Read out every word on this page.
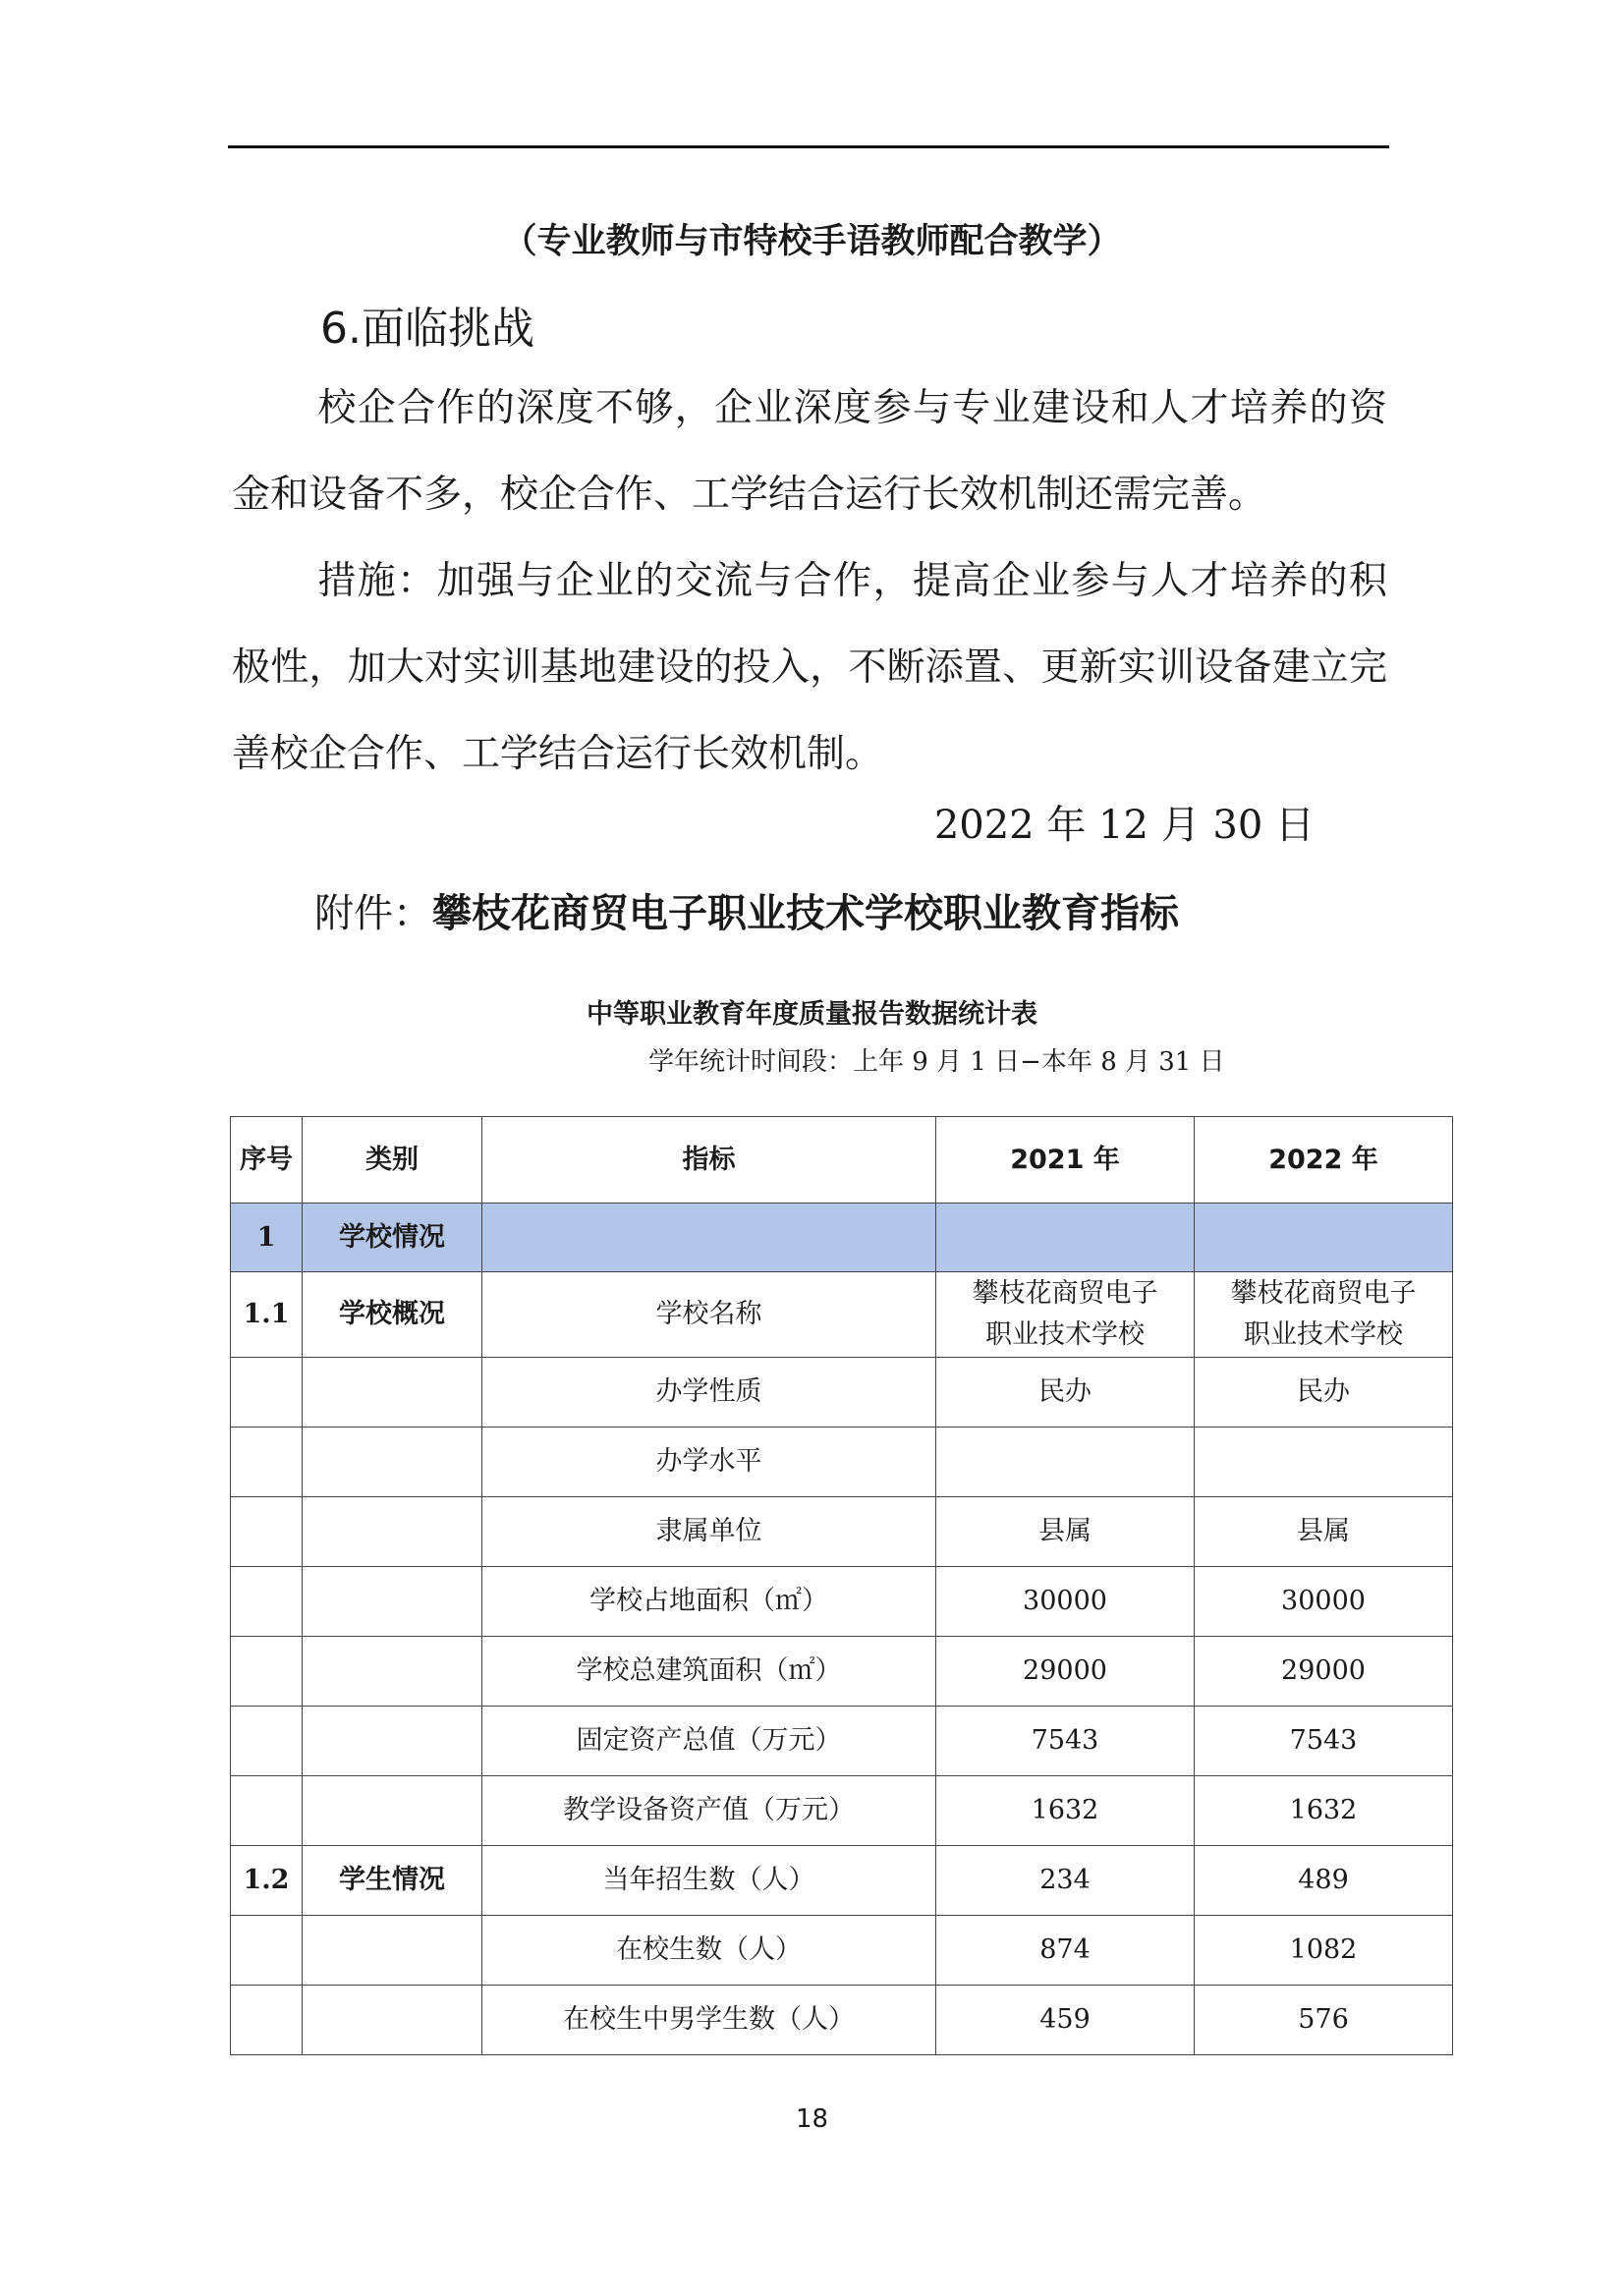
（专业教师与市特校手语教师配合教学）
6.面临挑战
校企合作的深度不够，企业深度参与专业建设和人才培养的资金和设备不多，校企合作、工学结合运行长效机制还需完善。
措施：加强与企业的交流与合作，提高企业参与人才培养的积极性，加大对实训基地建设的投入，不断添置、更新实训设备建立完善校企合作、工学结合运行长效机制。
2022 年 12 月 30 日
附件：攀枝花商贸电子职业技术学校职业教育指标
中等职业教育年度质量报告数据统计表
学年统计时间段：上年 9 月 1 日−本年 8 月 31 日
序号	类别	指标	2021 年	2022 年
1	学校情况			
1.1	学校概况	学校名称	攀枝花商贸电子职业技术学校	攀枝花商贸电子职业技术学校
		办学性质	民办	民办
		办学水平		
		隶属单位	县属	县属
		学校占地面积（㎡）	30000	30000
		学校总建筑面积（㎡）	29000	29000
		固定资产总值（万元）	7543	7543
		教学设备资产值（万元）	1632	1632
1.2	学生情况	当年招生数（人）	234	489
		在校生数（人）	874	1082
		在校生中男学生数（人）	459	576
18
